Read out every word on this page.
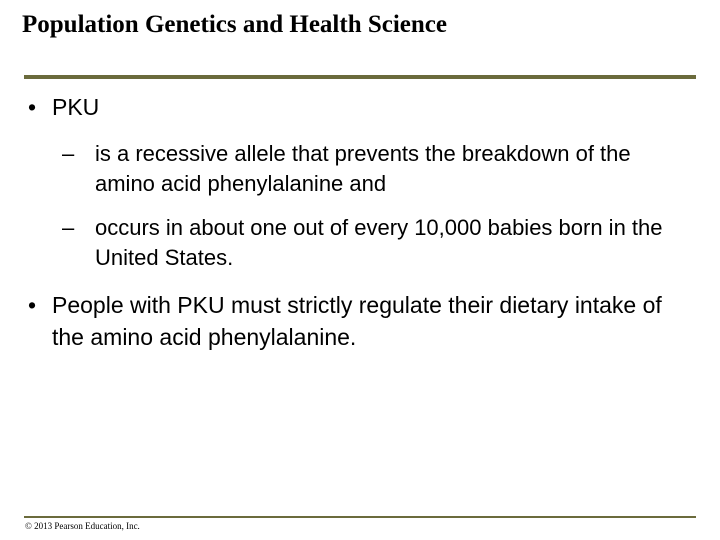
Population Genetics and Health Science
• PKU
– is a recessive allele that prevents the breakdown of the amino acid phenylalanine and
– occurs in about one out of every 10,000 babies born in the United States.
• People with PKU must strictly regulate their dietary intake of the amino acid phenylalanine.
© 2013 Pearson Education, Inc.
